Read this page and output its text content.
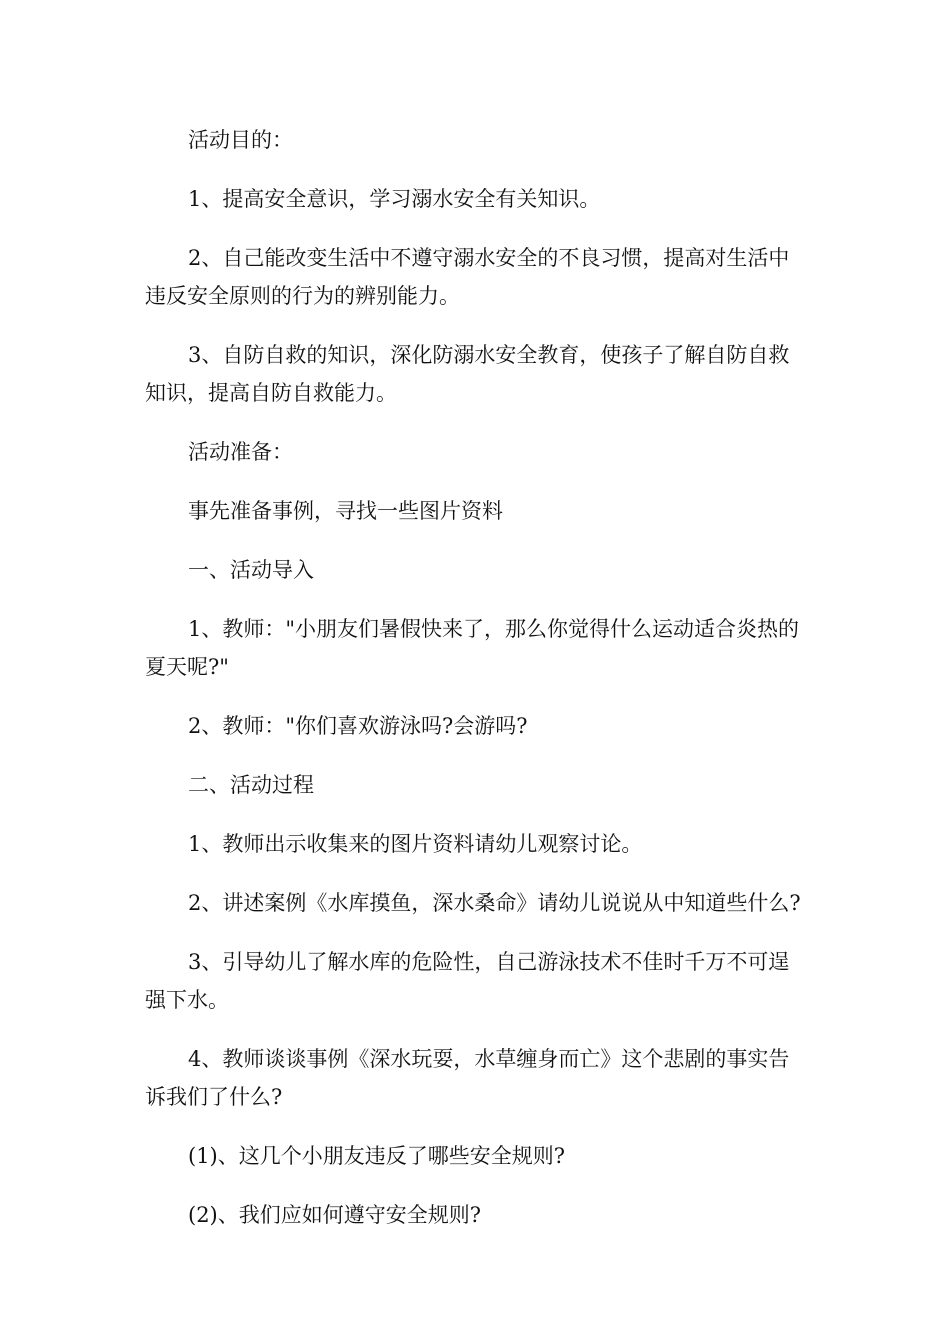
活动目的：

1、提高安全意识，学习溺水安全有关知识。

2、自己能改变生活中不遵守溺水安全的不良习惯，提高对生活中违反安全原则的行为的辨别能力。

3、自防自救的知识，深化防溺水安全教育，使孩子了解自防自救知识，提高自防自救能力。

活动准备：

事先准备事例，寻找一些图片资料

一、活动导入

1、教师："小朋友们暑假快来了，那么你觉得什么运动适合炎热的夏天呢?"

2、教师："你们喜欢游泳吗?会游吗?

二、活动过程

1、教师出示收集来的图片资料请幼儿观察讨论。

2、讲述案例《水库摸鱼，深水桑命》请幼儿说说从中知道些什么?

3、引导幼儿了解水库的危险性，自己游泳技术不佳时千万不可逞强下水。

4、教师谈谈事例《深水玩耍，水草缠身而亡》这个悲剧的事实告诉我们了什么?

(1)、这几个小朋友违反了哪些安全规则?

(2)、我们应如何遵守安全规则?
